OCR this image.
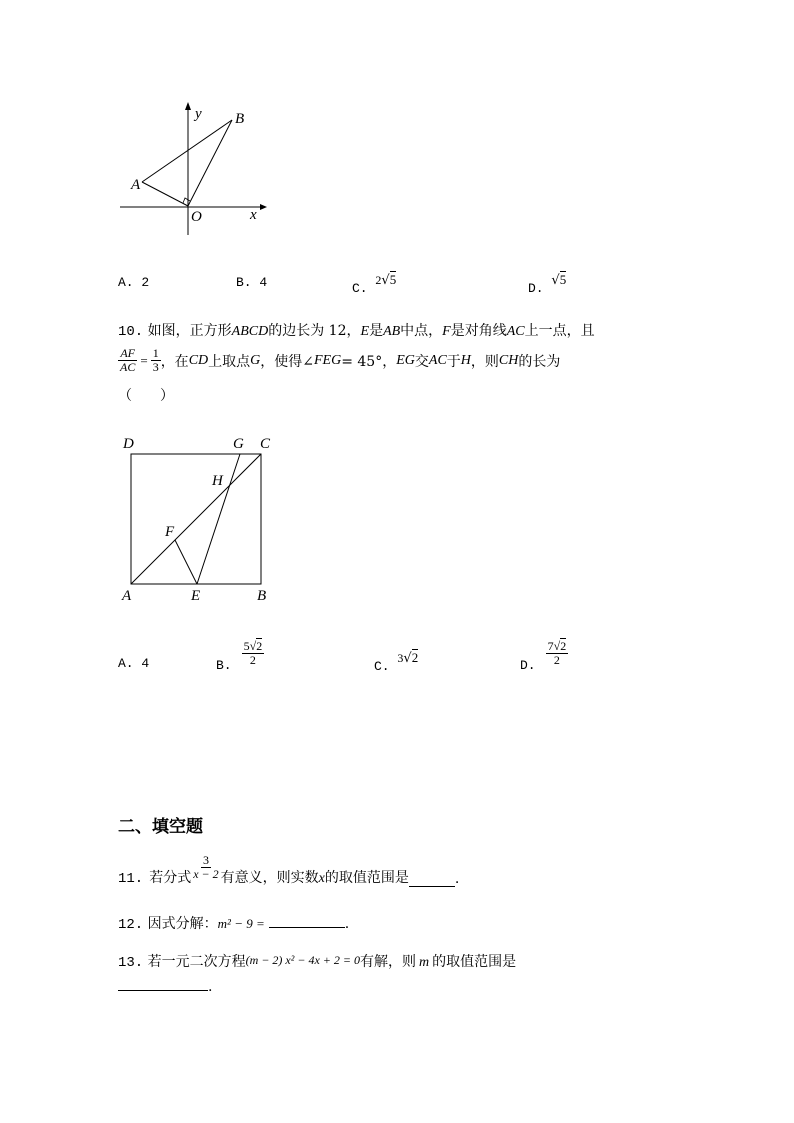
y B
A
O	x
A. 2	B. 4	C. 2√5
D. √5
10. 如图，正方形ABCD的边长为 12，E是AB中点，F是对角线AC上一点，且
$\frac{AF}{AC} = \frac{1}{3}$ ，在 CD 上取点 G ，使得∠ FEG = 45°， EG 交 AC 于 H ，则 CH 的长为
（　　）
D	G C
H
F
A	E	B
A. 4	B. $\frac{5√2}{2}$	C. 3√2
D. $\frac{7√2}{2}$
二、填空题
11. 若分式 $\frac{3}{x - 2}$ 有意义，则实数 x 的取值范围是	.
12. 因式分解：m² − 9 =	.
13. 若一元二次方程(m − 2) x² − 4x + 2 = 0有解，则 m 的取值范围是
.
